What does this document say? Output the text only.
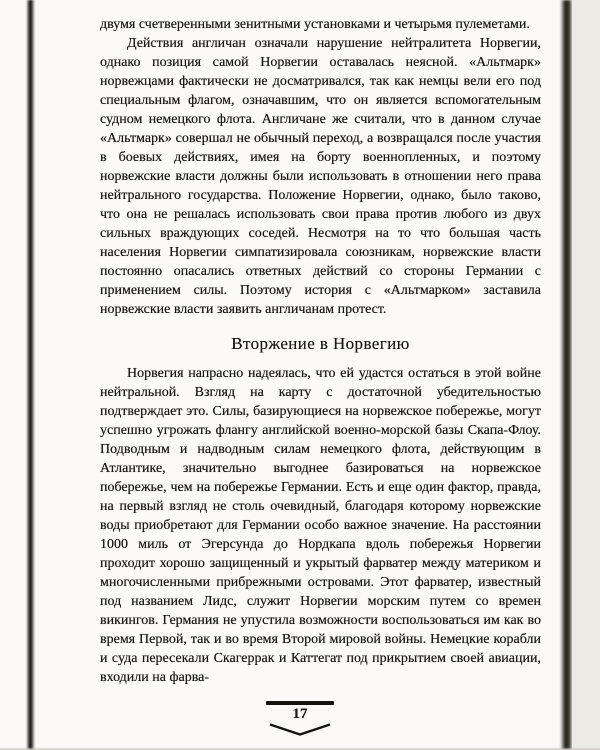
двумя счетверенными зенитными установками и четырьмя пулеметами.

Действия англичан означали нарушение нейтралитета Норвегии, однако позиция самой Норвегии оставалась неясной. «Альтмарк» норвежцами фактически не досматривался, так как немцы вели его под специальным флагом, означавшим, что он является вспомогательным судном немецкого флота. Англичане же считали, что в данном случае «Альтмарк» совершал не обычный переход, а возвращался после участия в боевых действиях, имея на борту военнопленных, и поэтому норвежские власти должны были использовать в отношении него права нейтрального государства. Положение Норвегии, однако, было таково, что она не решалась использовать свои права против любого из двух сильных враждующих соседей. Несмотря на то что большая часть населения Норвегии симпатизировала союзникам, норвежские власти постоянно опасались ответных действий со стороны Германии с применением силы. Поэтому история с «Альтмарком» заставила норвежские власти заявить англичанам протест.

Вторжение в Норвегию

Норвегия напрасно надеялась, что ей удастся остаться в этой войне нейтральной. Взгляд на карту с достаточной убедительностью подтверждает это. Силы, базирующиеся на норвежское побережье, могут успешно угрожать флангу английской военно-морской базы Скапа-Флоу. Подводным и надводным силам немецкого флота, действующим в Атлантике, значительно выгоднее базироваться на норвежское побережье, чем на побережье Германии. Есть и еще один фактор, правда, на первый взгляд не столь очевидный, благодаря которому норвежские воды приобретают для Германии особо важное значение. На расстоянии 1000 миль от Эгерсунда до Нордкапа вдоль побережья Норвегии проходит хорошо защищенный и укрытый фарватер между материком и многочисленными прибрежными островами. Этот фарватер, известный под названием Лидс, служит Норвегии морским путем со времен викингов. Германия не упустила возможности воспользоваться им как во время Первой, так и во время Второй мировой войны. Немецкие корабли и суда пересекали Скагеррак и Каттегат под прикрытием своей авиации, входили на фарва-

17
